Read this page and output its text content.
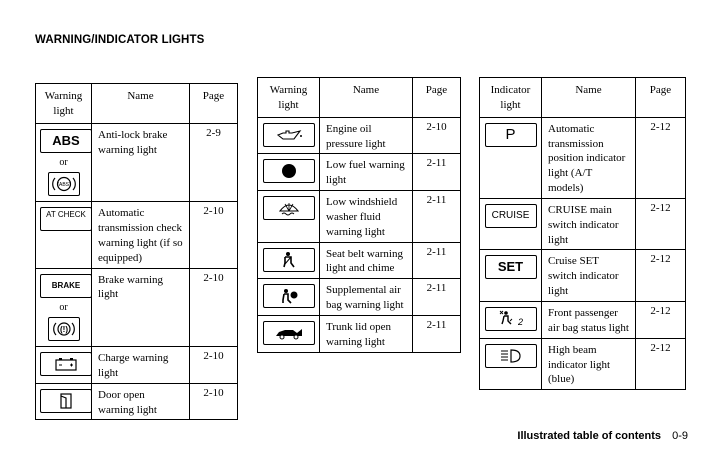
WARNING/INDICATOR LIGHTS
Warning light	Name	Page
ABS
or
(ABS)	Anti-lock brake warning light	2-9
AT CHECK	Automatic transmission check warning light (if so equipped)	2-10
BRAKE
or
(!)	Brake warning light	2-10
	Charge warning light	2-10
	Door open warning light	2-10
Warning light	Name	Page
	Engine oil pressure light	2-10
	Low fuel warning light	2-11
	Low windshield washer fluid warning light	2-11
	Seat belt warning light and chime	2-11
	Supplemental air bag warning light	2-11
	Trunk lid open warning light	2-11
Indicator light	Name	Page
P	Automatic transmission position indicator light (A/T models)	2-12
CRUISE	CRUISE main switch indicator light	2-12
SET	Cruise SET switch indicator light	2-12

2	Front passenger air bag status light	2-12
	High beam indicator light (blue)	2-12
Illustrated table of contents 0-9
